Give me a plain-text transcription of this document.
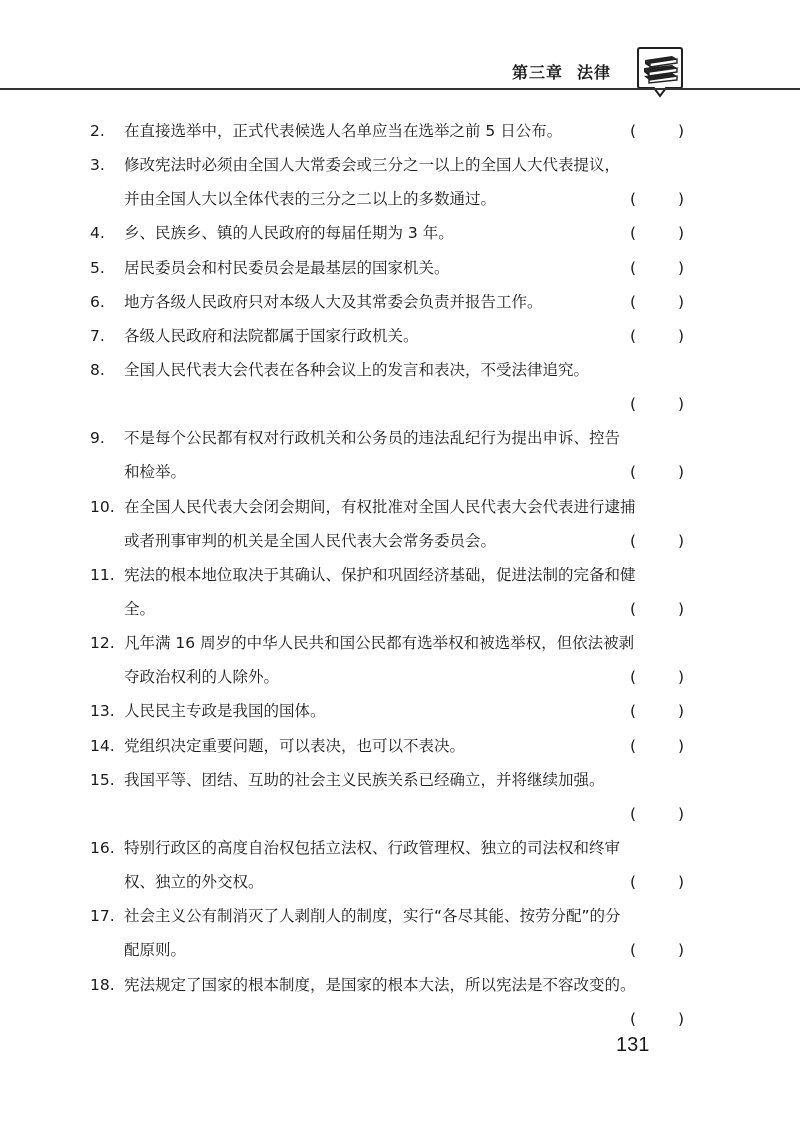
第三章 法律
2. 在直接选举中，正式代表候选人名单应当在选举之前 5 日公布。	(	)
3. 修改宪法时必须由全国人大常委会或三分之一以上的全国人大代表提议，
并由全国人大以全体代表的三分之二以上的多数通过。	(	)
4. 乡、民族乡、镇的人民政府的每届任期为 3 年。	(	)
5. 居民委员会和村民委员会是最基层的国家机关。	(	)
6. 地方各级人民政府只对本级人大及其常委会负责并报告工作。	(	)
7. 各级人民政府和法院都属于国家行政机关。	(	)
8. 全国人民代表大会代表在各种会议上的发言和表决，不受法律追究。
(	)
9. 不是每个公民都有权对行政机关和公务员的违法乱纪行为提出申诉、控告
和检举。	(	)
10. 在全国人民代表大会闭会期间，有权批准对全国人民代表大会代表进行逮捕
或者刑事审判的机关是全国人民代表大会常务委员会。	(	)
11. 宪法的根本地位取决于其确认、保护和巩固经济基础，促进法制的完备和健
全。	(	)
12. 凡年满 16 周岁的中华人民共和国公民都有选举权和被选举权，但依法被剥
夺政治权利的人除外。	(	)
13. 人民民主专政是我国的国体。	(	)
14. 党组织决定重要问题，可以表决，也可以不表决。	(	)
15. 我国平等、团结、互助的社会主义民族关系已经确立，并将继续加强。
(	)
16. 特别行政区的高度自治权包括立法权、行政管理权、独立的司法权和终审
权、独立的外交权。	(	)
17. 社会主义公有制消灭了人剥削人的制度，实行“各尽其能、按劳分配”的分
配原则。	(	)
18. 宪法规定了国家的根本制度，是国家的根本大法，所以宪法是不容改变的。
(	)
131
